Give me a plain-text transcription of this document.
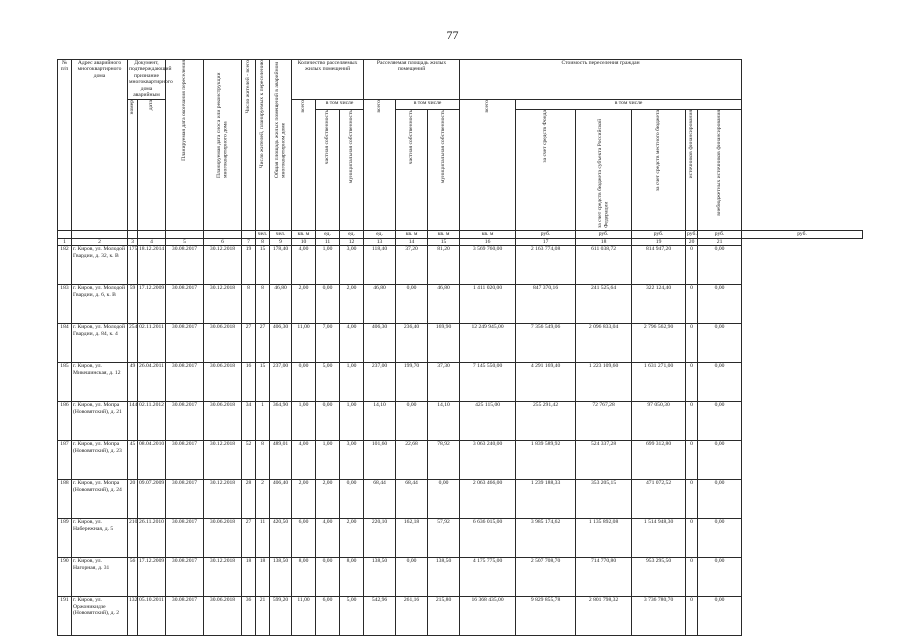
77
№ п/п	Адрес аварийного многоквартирного дома	Документ, подтверждающий признание многоквартирного дома аварийным		Планируемая дата окончания переселения	Планируемая дата сноса или реконструкции многоквартирного дома	Число жителей - всего	Число жителей, планируемых к переселению	Общая площадь жилых помещений в аварийном многоквартирном доме	Количество расселяемых жилых помещений			Расселяемая площадь жилых помещений			Стоимость переселения граждан						
		номер	дата						всего	в том числе		всего	в том числе		всего	в том числе					
										частная собственность	муниципальная собственность		частная собственность	муниципальная собственность		за счет средств Фонда	за счет средств бюджета субъекта Российской Федерации	за счет средств местного бюджета	источников финансирования	внебюджетных источников финансирования	
							чел.	чел.	кв. м	ед.	ед.	ед.	кв. м	кв. м	кв. м	руб.	руб.	руб.	руб.	руб.	руб.
1	2	3	4	5	6	7	8	9	10	11	12	13	14	15	16	17	18	19	20	21	
182	г. Киров, ул. Молодой Гвардии, д. 32, к. В	175	18.12.2014	30.08.2017	30.12.2018	19	15	178,40	4,00	1,00	3,00	118,40	37,20	81,20	3 569 760,00	2 163 774,08	611 038,72	814 947,20	0	0,00	
183	г. Киров, ул. Молодой Гвардии, д. 6, к. В	59	17.12.2009	30.08.2017	30.12.2018	8	8	46,80	2,00	0,00	2,00	46,80	0,00	46,80	1 411 020,00	847 370,16	241 525,64	322 124,40	0	0,00	
184	г. Киров, ул. Молодой Гвардии, д. 84, к. 4	254	02.11.2011	30.08.2017	30.06.2018	27	27	406,30	11,00	7,00	4,00	406,30	236,40	169,90	12 249 945,00	7 356 549,06	2 096 833,04	2 796 562,90	0	0,00	
185	г. Киров, ул. Микешинская, д. 12	49	26.04.2011	30.08.2017	30.06.2018	16	15	237,00	0,00	5,00	1,00	237,00	199,70	37,30	7 145 550,00	4 291 169,40	1 223 109,60	1 631 271,00	0	0,00	
186	г. Киров, ул. Мопра (Нововятский), д. 21	144	02.11.2012	30.08.2017	30.06.2018	34	1	364,90	1,00	0,00	1,00	14,10	0,00	14,10	425 115,00	255 291,42	72 767,28	97 050,30	0	0,00	
187	г. Киров, ул. Мопра (Нововятский), д. 23	45	08.04.2010	30.08.2017	30.12.2018	52	8	489,01	4,00	1,00	3,00	101,60	22,68	78,92	3 063 240,00	1 839 589,92	524 337,28	699 312,80	0	0,00	
188	г. Киров, ул. Мопра (Нововятский), д. 24	20	09.07.2009	30.08.2017	30.12.2018	28	2	406,40	2,00	2,00	0,00	68,44	68,44	0,00	2 063 466,00	1 239 188,33	353 205,15	471 072,52	0	0,00	
189	г. Киров, ул. Набережная, д. 5	210	26.11.2010	30.08.2017	30.06.2018	27	11	420,50	6,00	4,00	2,00	220,10	162,18	57,92	6 636 015,00	3 985 174,62	1 135 892,08	1 514 948,30	0	0,00	
190	г. Киров, ул. Нагорная, д. 31	56	17.12.2009	30.08.2017	30.12.2018	18	18	138,50	8,00	0,00	8,00	138,50	0,00	138,50	4 175 775,00	2 507 708,70	714 770,80	953 295,50	0	0,00	
191	г. Киров, ул. Оржоникидзе (Нововятский), д. 2	132	05.10.2011	30.08.2017	30.06.2018	36	21	599,20	11,00	6,00	5,00	542,96	261,16	215,80	16 368 435,00	9 829 855,78	2 801 798,32	3 736 780,70	0	0,00	
